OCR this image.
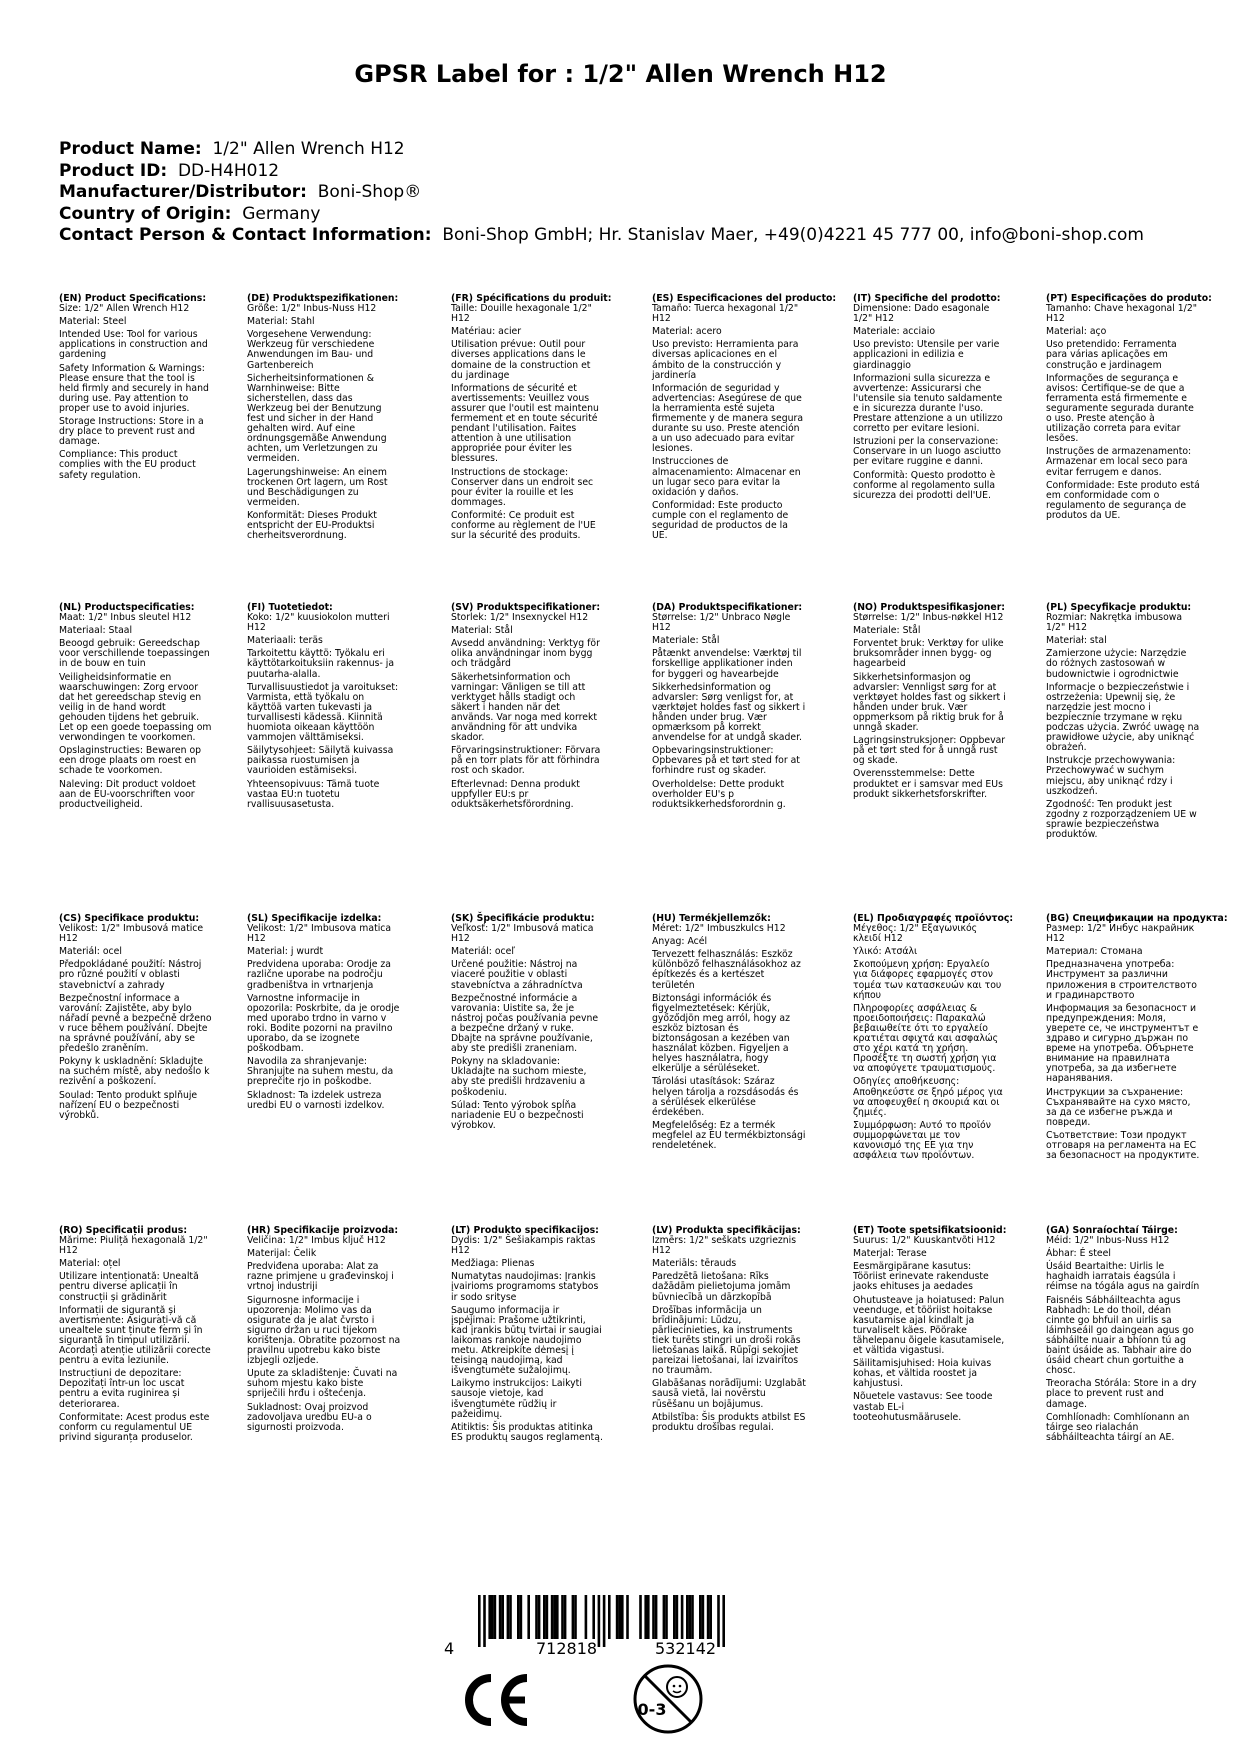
GPSR Label for : 1/2" Allen Wrench H12
Product Name: 1/2" Allen Wrench H12
Product ID: DD-H4H012
Manufacturer/Distributor: Boni-Shop®
Country of Origin: Germany
Contact Person & Contact Information: Boni-Shop GmbH; Hr. Stanislav Maer, +49(0)4221 45 777 00, info@boni-shop.com
(EN) Product Specifications:
Size: 1/2" Allen Wrench H12
Material: Steel
Intended Use: Tool for various applications in construction and gardening
Safety Information & Warnings: Please ensure that the tool is held firmly and securely in hand during use. Pay attention to proper use to avoid injuries.
Storage Instructions: Store in a dry place to prevent rust and damage.
Compliance: This product complies with the EU product safety regulation.
(DE) Produktspezifikationen:
Größe: 1/2" Inbus-Nuss H12
Material: Stahl
Vorgesehene Verwendung: Werkzeug für verschiedene Anwendungen im Bau- und Gartenbereich
Sicherheitsinformationen & Warnhinweise: Bitte sicherstellen, dass das Werkzeug bei der Benutzung fest und sicher in der Hand gehalten wird. Auf eine ordnungsgemäße Anwendung achten, um Verletzungen zu vermeiden.
Lagerungshinweise: An einem trockenen Ort lagern, um Rost und Beschädigungen zu vermeiden.
Konformität: Dieses Produkt entspricht der EU-Produktsi cherheitsverordnung.
(FR) Spécifications du produit:
Taille: Douille hexagonale 1/2" H12
Matériau: acier
Utilisation prévue: Outil pour diverses applications dans le domaine de la construction et du jardinage
Informations de sécurité et avertissements: Veuillez vous assurer que l'outil est maintenu fermement et en toute sécurité pendant l'utilisation. Faites attention à une utilisation appropriée pour éviter les blessures.
Instructions de stockage: Conserver dans un endroit sec pour éviter la rouille et les dommages.
Conformité: Ce produit est conforme au règlement de l'UE sur la sécurité des produits.
(ES) Especificaciones del producto:
Tamaño: Tuerca hexagonal 1/2" H12
Material: acero
Uso previsto: Herramienta para diversas aplicaciones en el ámbito de la construcción y jardinería
Información de seguridad y advertencias: Asegúrese de que la herramienta esté sujeta firmemente y de manera segura durante su uso. Preste atención a un uso adecuado para evitar lesiones.
Instrucciones de almacenamiento: Almacenar en un lugar seco para evitar la oxidación y daños.
Conformidad: Este producto cumple con el reglamento de seguridad de productos de la UE.
(IT) Specifiche del prodotto:
Dimensione: Dado esagonale 1/2" H12
Materiale: acciaio
Uso previsto: Utensile per varie applicazioni in edilizia e giardinaggio
Informazioni sulla sicurezza e avvertenze: Assicurarsi che l'utensile sia tenuto saldamente e in sicurezza durante l'uso. Prestare attenzione a un utilizzo corretto per evitare lesioni.
Istruzioni per la conservazione: Conservare in un luogo asciutto per evitare ruggine e danni.
Conformità: Questo prodotto è conforme al regolamento sulla sicurezza dei prodotti dell'UE.
(PT) Especificações do produto:
Tamanho: Chave hexagonal 1/2" H12
Material: aço
Uso pretendido: Ferramenta para várias aplicações em construção e jardinagem
Informações de segurança e avisos: Certifique-se de que a ferramenta está firmemente e seguramente segurada durante o uso. Preste atenção à utilização correta para evitar lesões.
Instruções de armazenamento: Armazenar em local seco para evitar ferrugem e danos.
Conformidade: Este produto está em conformidade com o regulamento de segurança de produtos da UE.
(NL) Productspecificaties:
Maat: 1/2" Inbus sleutel H12
Materiaal: Staal
Beoogd gebruik: Gereedschap voor verschillende toepassingen in de bouw en tuin
Veiligheidsinformatie en waarschuwingen: Zorg ervoor dat het gereedschap stevig en veilig in de hand wordt gehouden tijdens het gebruik. Let op een goede toepassing om verwondingen te voorkomen.
Opslaginstructies: Bewaren op een droge plaats om roest en schade te voorkomen.
Naleving: Dit product voldoet aan de EU-voorschriften voor productveiligheid.
(FI) Tuotetiedot:
Koko: 1/2" kuusiokolon mutteri H12
Materiaali: teräs
Tarkoitettu käyttö: Työkalu eri käyttötarkoituksiin rakennus- ja puutarha-alalla.
Turvallisuustiedot ja varoitukset: Varmista, että työkalu on käyttöä varten tukevasti ja turvallisesti kädessä. Kiinnitä huomiota oikeaan käyttöön vammojen välttämiseksi.
Säilytysohjeet: Säilytä kuivassa paikassa ruostumisen ja vaurioiden estämiseksi.
Yhteensopivuus: Tämä tuote vastaa EU:n tuotetu rvallisuusasetusta.
(SV) Produktspecifikationer:
Storlek: 1/2" Insexnyckel H12
Material: Stål
Avsedd användning: Verktyg för olika användningar inom bygg och trädgård
Säkerhetsinformation och varningar: Vänligen se till att verktyget hålls stadigt och säkert i handen när det används. Var noga med korrekt användning för att undvika skador.
Förvaringsinstruktioner: Förvara på en torr plats för att förhindra rost och skador.
Efterlevnad: Denna produkt uppfyller EU:s pr oduktsäkerhetsförordning.
(DA) Produktspecifikationer:
Størrelse: 1/2" Unbraco Nøgle H12
Materiale: Stål
Påtænkt anvendelse: Værktøj til forskellige applikationer inden for byggeri og havearbejde
Sikkerhedsinformation og advarsler: Sørg venligst for, at værktøjet holdes fast og sikkert i hånden under brug. Vær opmærksom på korrekt anvendelse for at undgå skader.
Opbevaringsinstruktioner: Opbevares på et tørt sted for at forhindre rust og skader.
Overholdelse: Dette produkt overholder EU's p roduktsikkerhedsforordnin g.
(NO) Produktspesifikasjoner:
Størrelse: 1/2" Inbus-nøkkel H12
Materiale: Stål
Forventet bruk: Verktøy for ulike bruksområder innen bygg- og hagearbeid
Sikkerhetsinformasjon og advarsler: Vennligst sørg for at verktøyet holdes fast og sikkert i hånden under bruk. Vær oppmerksom på riktig bruk for å unngå skader.
Lagringsinstruksjoner: Oppbevar på et tørt sted for å unngå rust og skade.
Overensstemmelse: Dette produktet er i samsvar med EUs produkt sikkerhetsforskrifter.
(PL) Specyfikacje produktu:
Rozmiar: Nakrętka imbusowa 1/2" H12
Materiał: stal
Zamierzone użycie: Narzędzie do różnych zastosowań w budownictwie i ogrodnictwie
Informacje o bezpieczeństwie i ostrzeżenia: Upewnij się, że narzędzie jest mocno i bezpiecznie trzymane w ręku podczas użycia. Zwróć uwagę na prawidłowe użycie, aby uniknąć obrażeń.
Instrukcje przechowywania: Przechowywać w suchym miejscu, aby uniknąć rdzy i uszkodzeń.
Zgodność: Ten produkt jest zgodny z rozporządzeniem UE w sprawie bezpieczeństwa produktów.
(CS) Specifikace produktu:
Velikost: 1/2" Imbusová matice H12
Materiál: ocel
Předpokládané použití: Nástroj pro různé použití v oblasti stavebnictví a zahrady
Bezpečnostní informace a varování: Zajistěte, aby bylo nářadí pevně a bezpečně drženo v ruce během používání. Dbejte na správné používání, aby se předešlo zraněním.
Pokyny k uskladnění: Skladujte na suchém místě, aby nedošlo k rezivění a poškození.
Soulad: Tento produkt splňuje nařízení EU o bezpečnosti výrobků.
(SL) Specifikacije izdelka:
Velikost: 1/2" Imbusova matica H12
Material: j wurdt
Predvidena uporaba: Orodje za različne uporabe na področju gradbeništva in vrtnarjenja
Varnostne informacije in opozorila: Poskrbite, da je orodje med uporabo trdno in varno v roki. Bodite pozorni na pravilno uporabo, da se izognete poškodbam.
Navodila za shranjevanje: Shranjujte na suhem mestu, da preprečite rjo in poškodbe.
Skladnost: Ta izdelek ustreza uredbi EU o varnosti izdelkov.
(SK) Špecifikácie produktu:
Veľkosť: 1/2" Imbusová matica H12
Materiál: oceľ
Určené použitie: Nástroj na viaceré použitie v oblasti stavebníctva a záhradníctva
Bezpečnostné informácie a varovania: Uistite sa, že je nástroj počas používania pevne a bezpečne držaný v ruke. Dbajte na správne používanie, aby ste predišli zraneniam.
Pokyny na skladovanie: Ukladajte na suchom mieste, aby ste predišli hrdzaveniu a poškodeniu.
Súlad: Tento výrobok spĺňa nariadenie EÚ o bezpečnosti výrobkov.
(HU) Termékjellemzők:
Méret: 1/2" Imbuszkulcs H12
Anyag: Acél
Tervezett felhasználás: Eszköz különböző felhasználásokhoz az építkezés és a kertészet területén
Biztonsági információk és figyelmeztetések: Kérjük, győződjön meg arról, hogy az eszköz biztosan és biztonságosan a kezében van használat közben. Figyeljen a helyes használatra, hogy elkerülje a sérüléseket.
Tárolási utasítások: Száraz helyen tárolja a rozsdásodás és a sérülések elkerülése érdekében.
Megfelelőség: Ez a termék megfelel az EU termékbiztonsági rendeletének.
(EL) Προδιαγραφές προϊόντος:
Μέγεθος: 1/2" Εξαγωνικός κλειδί H12
Υλικό: Ατσάλι
Σκοπούμενη χρήση: Εργαλείο για διάφορες εφαρμογές στον τομέα των κατασκευών και του κήπου
Πληροφορίες ασφάλειας & προειδοποιήσεις: Παρακαλώ βεβαιωθείτε ότι το εργαλείο κρατιέται σφιχτά και ασφαλώς στο χέρι κατά τη χρήση. Προσέξτε τη σωστή χρήση για να αποφύγετε τραυματισμούς.
Οδηγίες αποθήκευσης: Αποθηκεύστε σε ξηρό μέρος για να αποφευχθεί η σκουριά και οι ζημιές.
Συμμόρφωση: Αυτό το προϊόν συμμορφώνεται με τον κανονισμό της ΕΕ για την ασφάλεια των προϊόντων.
(BG) Спецификации на продукта:
Размер: 1/2" Инбус накрайник H12
Материал: Стомана
Предназначена употреба: Инструмент за различни приложения в строителството и градинарството
Информация за безопасност и предупреждения: Моля, уверете се, че инструментът е здраво и сигурно държан по време на употреба. Обърнете внимание на правилната употреба, за да избегнете наранявания.
Инструкции за съхранение: Съхранявайте на сухо място, за да се избегне ръжда и повреди.
Съответствие: Този продукт отговаря на регламента на ЕС за безопасност на продуктите.
(RO) Specificații produs:
Mărime: Piuliță hexagonală 1/2" H12
Material: oțel
Utilizare intenționată: Unealtă pentru diverse aplicații în construcții și grădinărit
Informații de siguranță și avertismente: Asigurați-vă că unealtele sunt ținute ferm și în siguranță în timpul utilizării. Acordați atenție utilizării corecte pentru a evita leziunile.
Instrucțiuni de depozitare: Depozitați într-un loc uscat pentru a evita ruginirea și deteriorarea.
Conformitate: Acest produs este conform cu regulamentul UE privind siguranța produselor.
(HR) Specifikacije proizvoda:
Veličina: 1/2" Imbus ključ H12
Materijal: Čelik
Predviđena uporaba: Alat za razne primjene u građevinskoj i vrtnoj industriji
Sigurnosne informacije i upozorenja: Molimo vas da osigurate da je alat čvrsto i sigurno držan u ruci tijekom korištenja. Obratite pozornost na pravilnu upotrebu kako biste izbjegli ozljede.
Upute za skladištenje: Čuvati na suhom mjestu kako biste spriječili hrđu i oštećenja.
Sukladnost: Ovaj proizvod zadovoljava uredbu EU-a o sigurnosti proizvoda.
(LT) Produkto specifikacijos:
Dydis: 1/2" Šešiakampis raktas H12
Medžiaga: Plienas
Numatytas naudojimas: Įrankis įvairioms programoms statybos ir sodo srityse
Saugumo informacija ir įspėjimai: Prašome užtikrinti, kad įrankis būtų tvirtai ir saugiai laikomas rankoje naudojimo metu. Atkreipkite dėmesį į teisingą naudojimą, kad išvengtumėte sužalojimų.
Laikymo instrukcijos: Laikyti sausoje vietoje, kad išvengtumėte rūdžių ir pažeidimų.
Atitiktis: Šis produktas atitinka ES produktų saugos reglamentą.
(LV) Produkta specifikācijas:
Izmērs: 1/2" seškats uzgrieznis H12
Materiāls: tērauds
Paredzētā lietošana: Rīks dažādām pielietojuma jomām būvniecībā un dārzkopībā
Drošības informācija un brīdinājumi: Lūdzu, pārliecinieties, ka instruments tiek turēts stingri un droši rokās lietošanas laikā. Rūpīgi sekojiet pareizai lietošanai, lai izvairītos no traumām.
Glabāšanas norādījumi: Uzglabāt sausā vietā, lai novērstu rūsēšanu un bojājumus.
Atbilstība: Šis produkts atbilst ES produktu drošības regulai.
(ET) Toote spetsifikatsioonid:
Suurus: 1/2" Kuuskantvõti H12
Materjal: Terase
Eesmärgipärane kasutus: Tööriist erinevate rakenduste jaoks ehituses ja aedades
Ohutusteave ja hoiatused: Palun veenduge, et tööriist hoitakse kasutamise ajal kindlalt ja turvaliselt käes. Pöörake tähelepanu õigele kasutamisele, et vältida vigastusi.
Säilitamisjuhised: Hoia kuivas kohas, et vältida roostet ja kahjustusi.
Nõuetele vastavus: See toode vastab EL-i tooteohutusmäärusele.
(GA) Sonraíochtaí Táirge:
Méid: 1/2" Inbus-Nuss H12
Ábhar: É steel
Úsáid Beartaithe: Uirlis le haghaidh iarratais éagsúla i réimse na tógála agus na gairdín
Faisnéis Sábháilteachta agus Rabhadh: Le do thoil, déan cinnte go bhfuil an uirlis sa láimhseáil go daingean agus go sábháilte nuair a bhíonn tú ag baint úsáide as. Tabhair aire do úsáid cheart chun gortuithe a chosc.
Treoracha Stórála: Store in a dry place to prevent rust and damage.
Comhlíonadh: Comhlíonann an táirge seo rialachán sábháilteachta táirgí an AE.
4	712818	532142
0-3
